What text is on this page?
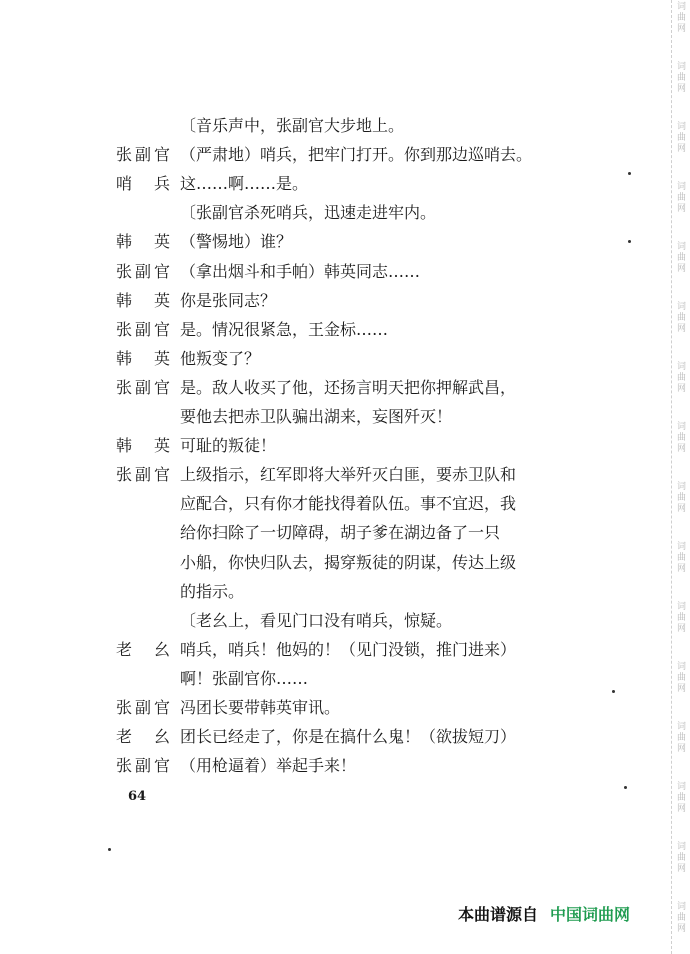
词
曲
网
词
曲
网
词
曲
网
词
曲
网
词
曲
网
词
曲
网
词
曲
网
词
曲
网
词
曲
网
词
曲
网
词
曲
网
词
曲
网
词
曲
网
词
曲
网
词
曲
网
词
曲
网
〔音乐声中，张副官大步地上。
张副官 （严肃地）哨兵，把牢门打开。你到那边巡哨去。
哨兵 这……啊……是。
〔张副官杀死哨兵，迅速走进牢内。
韩英 （警惕地）谁？
张副官 （拿出烟斗和手帕）韩英同志……
韩英 你是张同志？
张副官 是。情况很紧急，王金标……
韩英 他叛变了？
张副官 是。敌人收买了他，还扬言明天把你押解武昌，
要他去把赤卫队骗出湖来，妄图歼灭！
韩英 可耻的叛徒！
张副官 上级指示，红军即将大举歼灭白匪，要赤卫队和
应配合，只有你才能找得着队伍。事不宜迟，我
给你扫除了一切障碍，胡子爹在湖边备了一只
小船，你快归队去，揭穿叛徒的阴谋，传达上级
的指示。
〔老幺上，看见门口没有哨兵，惊疑。
老幺 哨兵，哨兵！他妈的！（见门没锁，推门进来）
啊！张副官你……
张副官 冯团长要带韩英审讯。
老幺 团长已经走了，你是在搞什么鬼！（欲拔短刀）
张副官 （用枪逼着）举起手来！
64
本曲谱源自 中国词曲网
